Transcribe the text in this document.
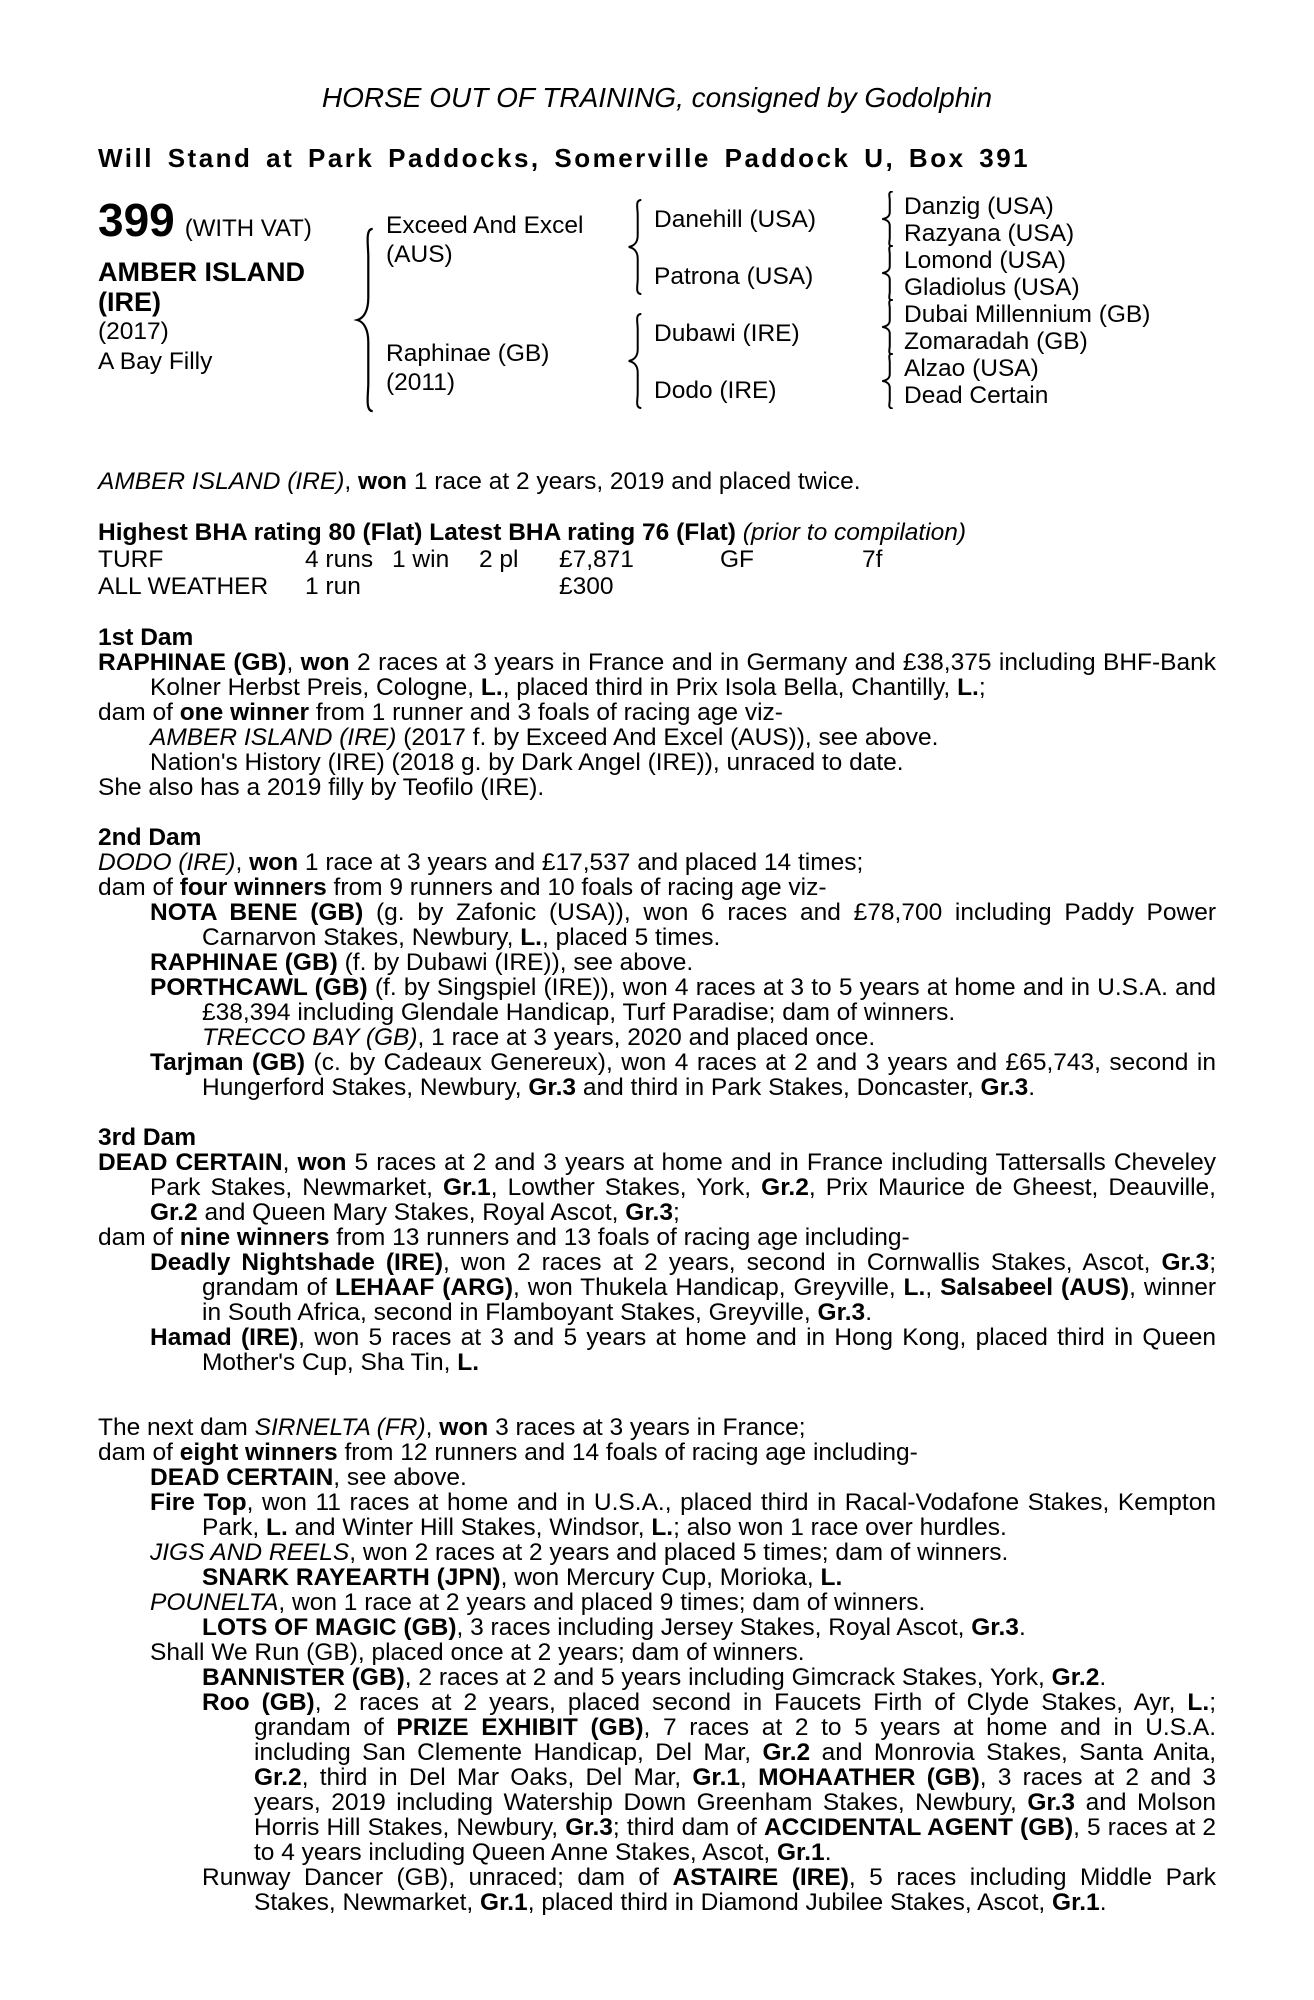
HORSE OUT OF TRAINING, consigned by Godolphin
Will Stand at Park Paddocks, Somerville Paddock U, Box 391
399 (WITH VAT)
AMBER ISLAND
(IRE)
(2017)
A Bay Filly
Exceed And Excel
(AUS)
Raphinae (GB)
(2011)
Danehill (USA)
Patrona (USA)
Dubawi (IRE)
Dodo (IRE)
Danzig (USA)
Razyana (USA)
Lomond (USA)
Gladiolus (USA)
Dubai Millennium (GB)
Zomaradah (GB)
Alzao (USA)
Dead Certain
AMBER ISLAND (IRE), won 1 race at 2 years, 2019 and placed twice.
Highest BHA rating 80 (Flat) Latest BHA rating 76 (Flat) (prior to compilation)
TURF	4 runs 1 win	2 pl	£7,871	GF	7f
ALL WEATHER	1 run	£300
1st Dam
RAPHINAE (GB), won 2 races at 3 years in France and in Germany and £38,375 including BHF-Bank Kolner Herbst Preis, Cologne, L., placed third in Prix Isola Bella, Chantilly, L.;
dam of one winner from 1 runner and 3 foals of racing age viz-
AMBER ISLAND (IRE) (2017 f. by Exceed And Excel (AUS)), see above.
Nation's History (IRE) (2018 g. by Dark Angel (IRE)), unraced to date.
She also has a 2019 filly by Teofilo (IRE).
2nd Dam
DODO (IRE), won 1 race at 3 years and £17,537 and placed 14 times;
dam of four winners from 9 runners and 10 foals of racing age viz-
NOTA BENE (GB) (g. by Zafonic (USA)), won 6 races and £78,700 including Paddy Power Carnarvon Stakes, Newbury, L., placed 5 times.
RAPHINAE (GB) (f. by Dubawi (IRE)), see above.
PORTHCAWL (GB) (f. by Singspiel (IRE)), won 4 races at 3 to 5 years at home and in U.S.A. and £38,394 including Glendale Handicap, Turf Paradise; dam of winners.
TRECCO BAY (GB), 1 race at 3 years, 2020 and placed once.
Tarjman (GB) (c. by Cadeaux Genereux), won 4 races at 2 and 3 years and £65,743, second in Hungerford Stakes, Newbury, Gr.3 and third in Park Stakes, Doncaster, Gr.3.
3rd Dam
DEAD CERTAIN, won 5 races at 2 and 3 years at home and in France including Tattersalls Cheveley Park Stakes, Newmarket, Gr.1, Lowther Stakes, York, Gr.2, Prix Maurice de Gheest, Deauville, Gr.2 and Queen Mary Stakes, Royal Ascot, Gr.3;
dam of nine winners from 13 runners and 13 foals of racing age including-
Deadly Nightshade (IRE), won 2 races at 2 years, second in Cornwallis Stakes, Ascot, Gr.3; grandam of LEHAAF (ARG), won Thukela Handicap, Greyville, L., Salsabeel (AUS), winner in South Africa, second in Flamboyant Stakes, Greyville, Gr.3.
Hamad (IRE), won 5 races at 3 and 5 years at home and in Hong Kong, placed third in Queen Mother's Cup, Sha Tin, L.
The next dam SIRNELTA (FR), won 3 races at 3 years in France;
dam of eight winners from 12 runners and 14 foals of racing age including-
DEAD CERTAIN, see above.
Fire Top, won 11 races at home and in U.S.A., placed third in Racal-Vodafone Stakes, Kempton Park, L. and Winter Hill Stakes, Windsor, L.; also won 1 race over hurdles.
JIGS AND REELS, won 2 races at 2 years and placed 5 times; dam of winners.
SNARK RAYEARTH (JPN), won Mercury Cup, Morioka, L.
POUNELTA, won 1 race at 2 years and placed 9 times; dam of winners.
LOTS OF MAGIC (GB), 3 races including Jersey Stakes, Royal Ascot, Gr.3.
Shall We Run (GB), placed once at 2 years; dam of winners.
BANNISTER (GB), 2 races at 2 and 5 years including Gimcrack Stakes, York, Gr.2.
Roo (GB), 2 races at 2 years, placed second in Faucets Firth of Clyde Stakes, Ayr, L.; grandam of PRIZE EXHIBIT (GB), 7 races at 2 to 5 years at home and in U.S.A. including San Clemente Handicap, Del Mar, Gr.2 and Monrovia Stakes, Santa Anita, Gr.2, third in Del Mar Oaks, Del Mar, Gr.1, MOHAATHER (GB), 3 races at 2 and 3 years, 2019 including Watership Down Greenham Stakes, Newbury, Gr.3 and Molson Horris Hill Stakes, Newbury, Gr.3; third dam of ACCIDENTAL AGENT (GB), 5 races at 2 to 4 years including Queen Anne Stakes, Ascot, Gr.1.
Runway Dancer (GB), unraced; dam of ASTAIRE (IRE), 5 races including Middle Park Stakes, Newmarket, Gr.1, placed third in Diamond Jubilee Stakes, Ascot, Gr.1.
